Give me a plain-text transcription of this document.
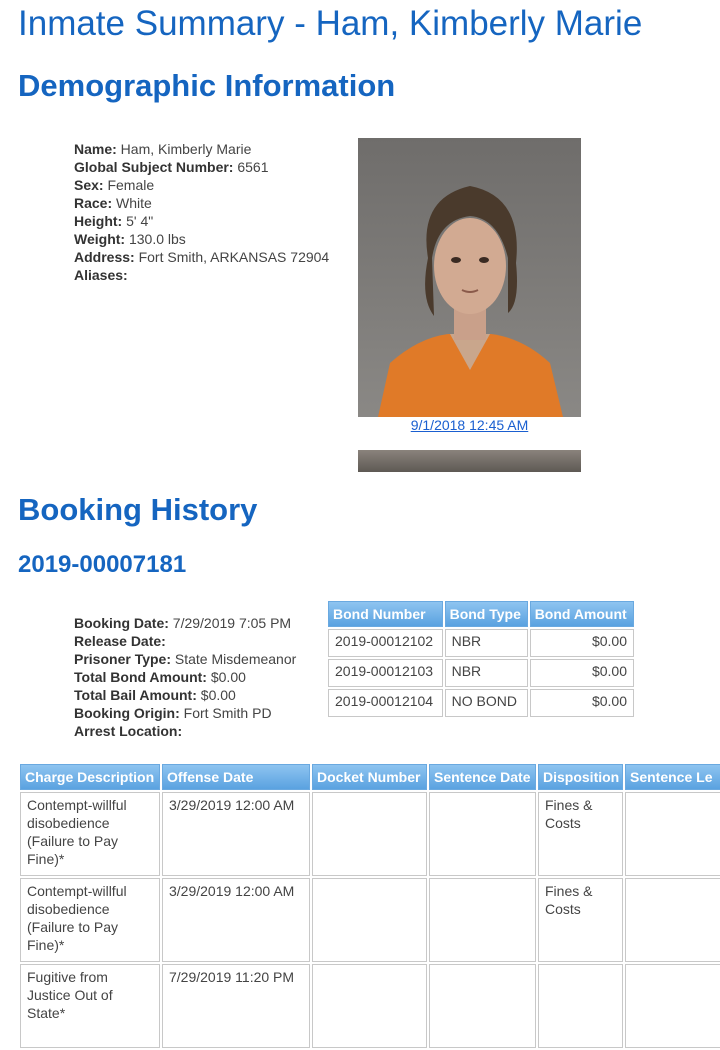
Inmate Summary - Ham, Kimberly Marie
Demographic Information
Name: Ham, Kimberly Marie
Global Subject Number: 6561
Sex: Female
Race: White
Height: 5' 4"
Weight: 130.0 lbs
Address: Fort Smith, ARKANSAS 72904
Aliases:
9/1/2018 12:45 AM
Booking History
2019-00007181
Booking Date: 7/29/2019 7:05 PM
Release Date:
Prisoner Type: State Misdemeanor
Total Bond Amount: $0.00
Total Bail Amount: $0.00
Booking Origin: Fort Smith PD
Arrest Location:
Bond Number	Bond Type	Bond Amount
2019-00012102	NBR	$0.00
2019-00012103	NBR	$0.00
2019-00012104	NO BOND	$0.00
Charge Description	Offense Date	Docket Number	Sentence Date	Disposition	Sentence Le
Contempt-willful disobedience (Failure to Pay Fine)*	3/29/2019 12:00 AM			Fines & Costs	
Contempt-willful disobedience (Failure to Pay Fine)*	3/29/2019 12:00 AM			Fines & Costs	
Fugitive from Justice Out of State*	7/29/2019 11:20 PM				
